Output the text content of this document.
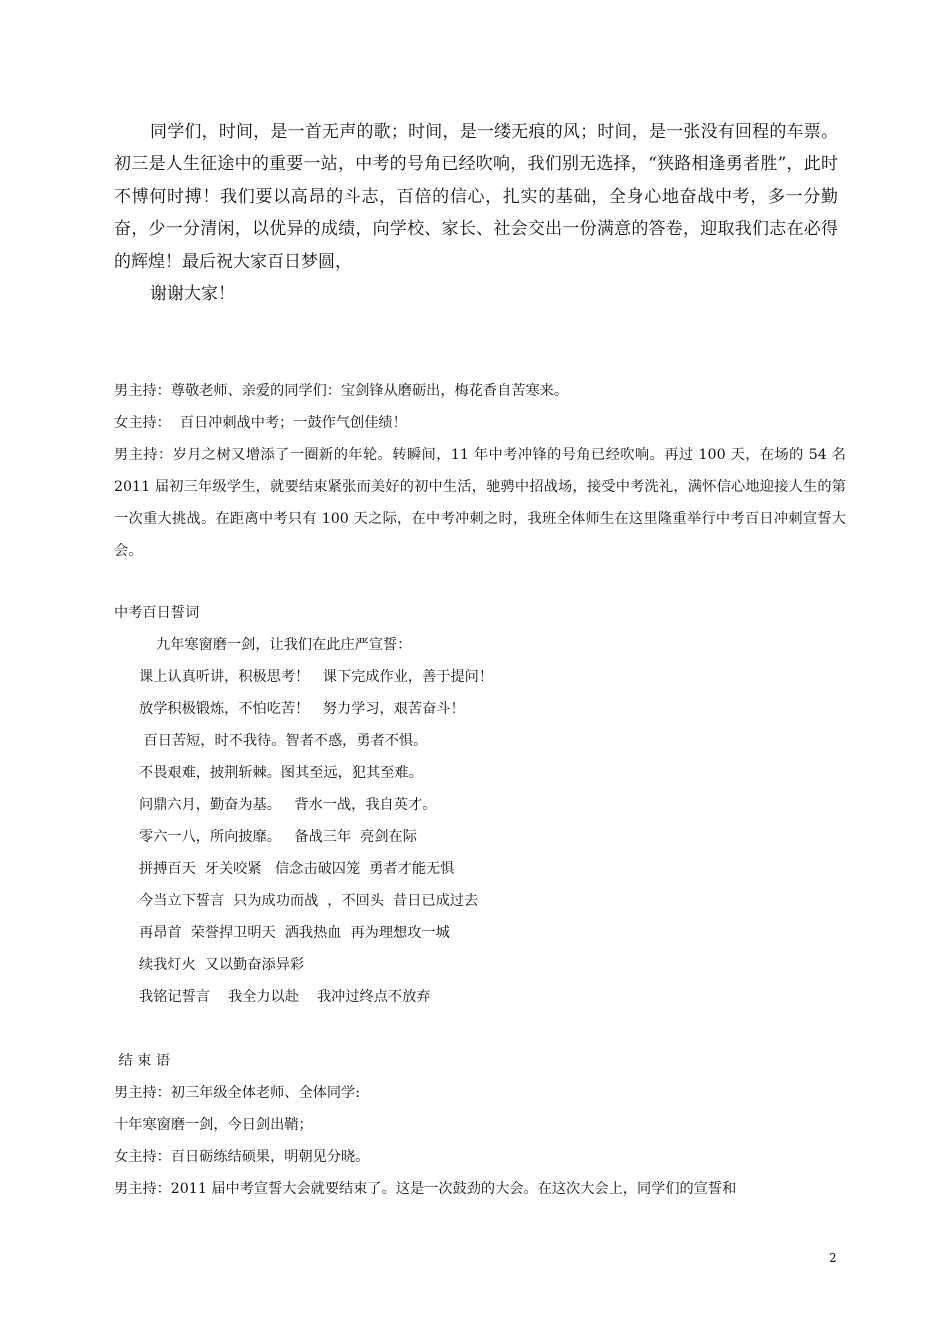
同学们，时间，是一首无声的歌；时间，是一缕无痕的风；时间，是一张没有回程的车票。初三是人生征途中的重要一站，中考的号角已经吹响，我们别无选择，“狭路相逢勇者胜”，此时不博何时搏！我们要以高昂的斗志，百倍的信心，扎实的基础，全身心地奋战中考，多一分勤奋，少一分清闲，以优异的成绩，向学校、家长、社会交出一份满意的答卷，迎取我们志在必得的辉煌！最后祝大家百日梦圆，

谢谢大家！

男主持：尊敬老师、亲爱的同学们：宝剑锋从磨砺出，梅花香自苦寒来。

女主持：  百日冲刺战中考；一鼓作气创佳绩！

男主持：岁月之树又增添了一圈新的年轮。转瞬间，11 年中考冲锋的号角已经吹响。再过 100 天，在场的 54 名 2011 届初三年级学生，就要结束紧张而美好的初中生活，驰骋中招战场，接受中考洗礼，满怀信心地迎接人生的第一次重大挑战。在距离中考只有 100 天之际，在中考冲刺之时，我班全体师生在这里隆重举行中考百日冲刺宣誓大会。

中考百日誓词

九年寒窗磨一剑，让我们在此庄严宣誓：

课上认真听讲，积极思考！   课下完成作业，善于提问！

放学积极锻炼，不怕吃苦！   努力学习，艰苦奋斗！

百日苦短，时不我待。智者不惑，勇者不惧。

不畏艰难，披荆斩棘。图其至远，犯其至难。

问鼎六月，勤奋为基。   背水一战，我自英才。

零六一八，所向披靡。   备战三年  亮剑在际

拼搏百天  牙关咬紧   信念击破囚笼  勇者才能无惧

今当立下誓言  只为成功而战  ，不回头  昔日已成过去

再昂首  荣誉捍卫明天  洒我热血  再为理想攻一城

续我灯火  又以勤奋添异彩

我铭记誓言    我全力以赴    我冲过终点不放弃

结 束 语

男主持：初三年级全体老师、全体同学:

十年寒窗磨一剑，今日剑出鞘；

女主持：百日砺练结硕果，明朝见分晓。

男主持：2011 届中考宣誓大会就要结束了。这是一次鼓劲的大会。在这次大会上，同学们的宣誓和

2
